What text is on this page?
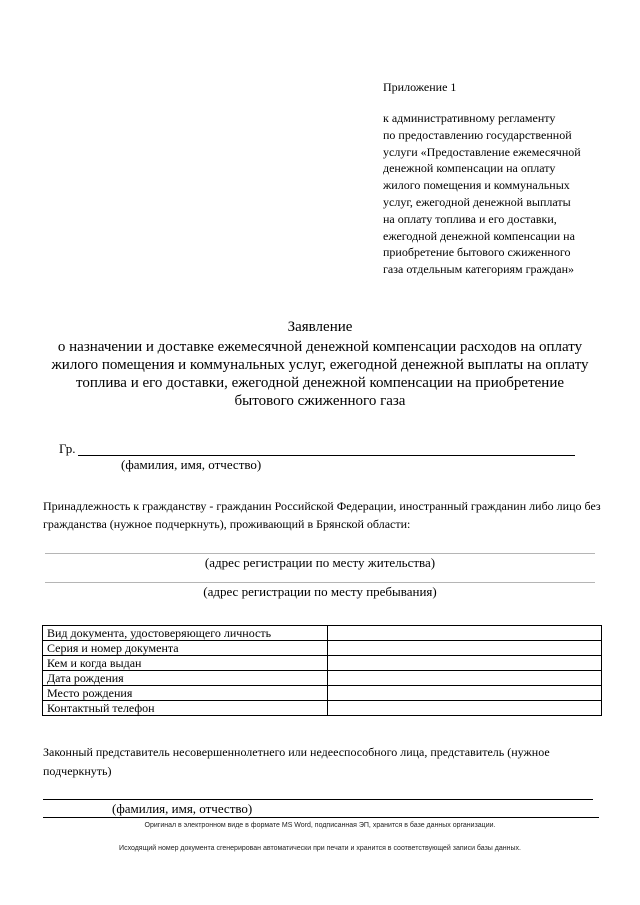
Приложение 1
к административному регламенту
по предоставлению государственной
услуги «Предоставление ежемесячной
денежной компенсации на оплату
жилого помещения и коммунальных
услуг, ежегодной денежной выплаты
на оплату топлива и его доставки,
ежегодной денежной компенсации на
приобретение бытового сжиженного
газа отдельным категориям граждан»
Заявление
о назначении и доставке ежемесячной денежной компенсации расходов на оплату
жилого помещения и коммунальных услуг, ежегодной денежной выплаты на оплату
топлива и его доставки, ежегодной денежной компенсации на приобретение
бытового сжиженного газа
Гр.
(фамилия, имя, отчество)
Принадлежность к гражданству - гражданин Российской Федерации, иностранный гражданин либо лицо без гражданства (нужное подчеркнуть), проживающий в Брянской области:
(адрес регистрации по месту жительства)
(адрес регистрации по месту пребывания)
Вид документа, удостоверяющего личность	
Серия и номер документа	
Кем и когда выдан	
Дата рождения	
Место рождения	
Контактный телефон	
Законный представитель несовершеннолетнего или недееспособного лица, представитель (нужное подчеркнуть)
(фамилия, имя, отчество)
Оригинал в электронном виде в формате MS Word, подписанная ЭП, хранится в базе данных организации.
Исходящий номер документа сгенерирован автоматически при печати и хранится в соответствующей записи базы данных.
